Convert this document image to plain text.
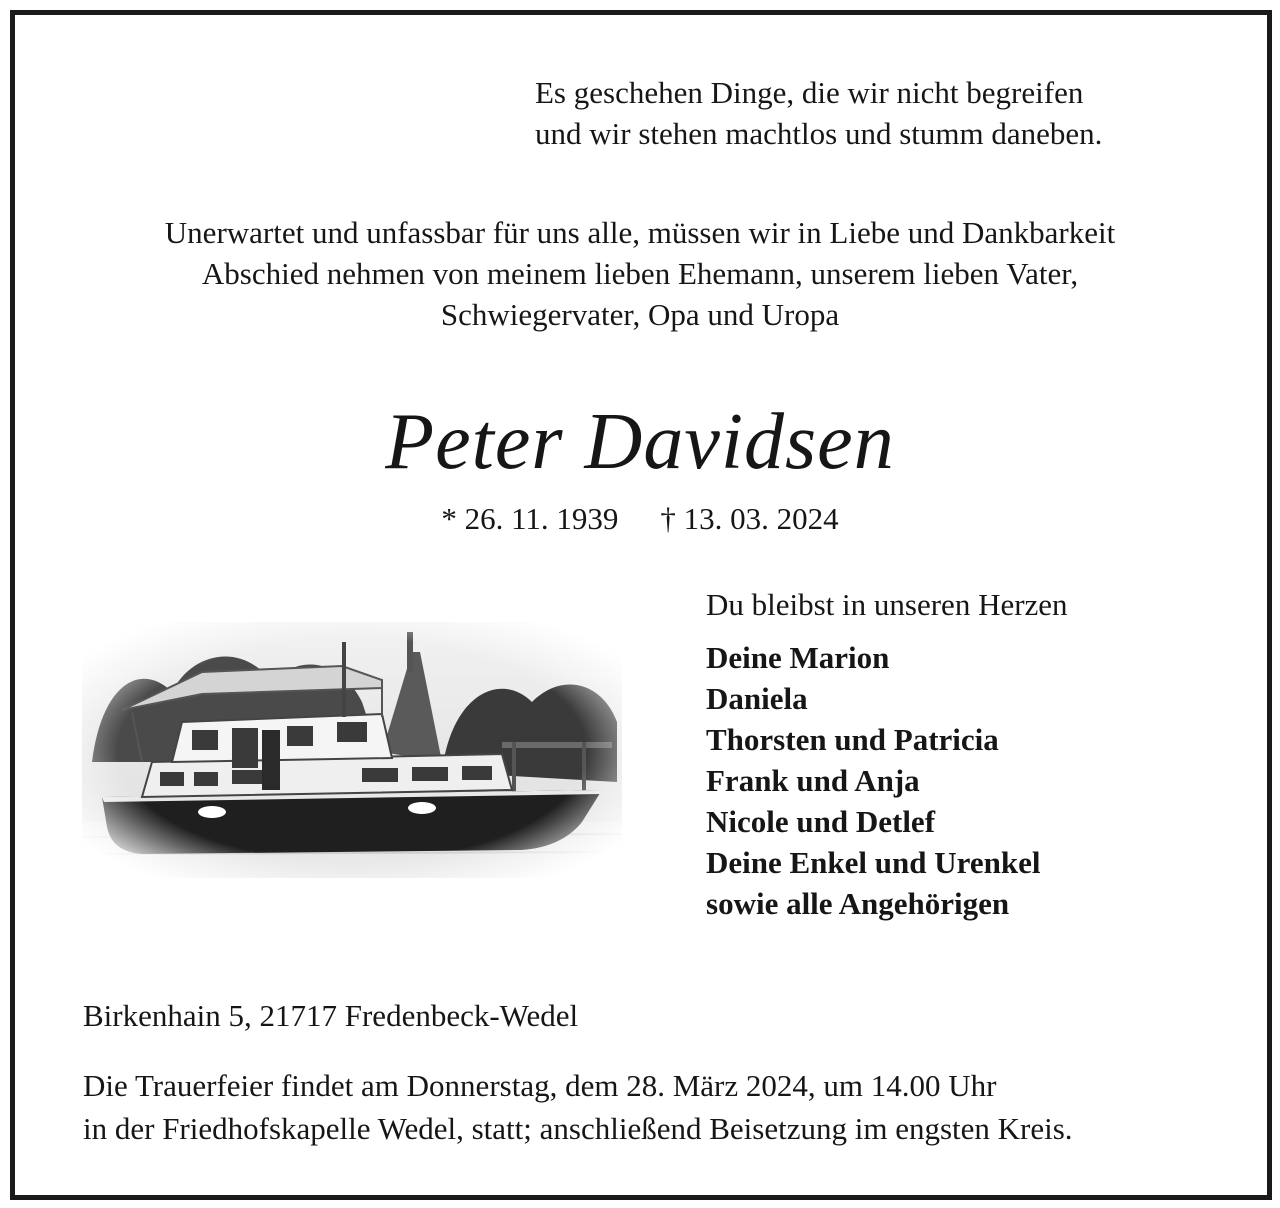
Es geschehen Dinge, die wir nicht begreifen
und wir stehen machtlos und stumm daneben.
Unerwartet und unfassbar für uns alle, müssen wir in Liebe und Dankbarkeit
Abschied nehmen von meinem lieben Ehemann, unserem lieben Vater,
Schwiegervater, Opa und Uropa
Peter Davidsen
* 26. 11. 1939 † 13. 03. 2024
Du bleibst in unseren Herzen
Deine Marion
Daniela
Thorsten und Patricia
Frank und Anja
Nicole und Detlef
Deine Enkel und Urenkel
sowie alle Angehörigen
Birkenhain 5, 21717 Fredenbeck-Wedel
Die Trauerfeier findet am Donnerstag, dem 28. März 2024, um 14.00 Uhr
in der Friedhofskapelle Wedel, statt; anschließend Beisetzung im engsten Kreis.
